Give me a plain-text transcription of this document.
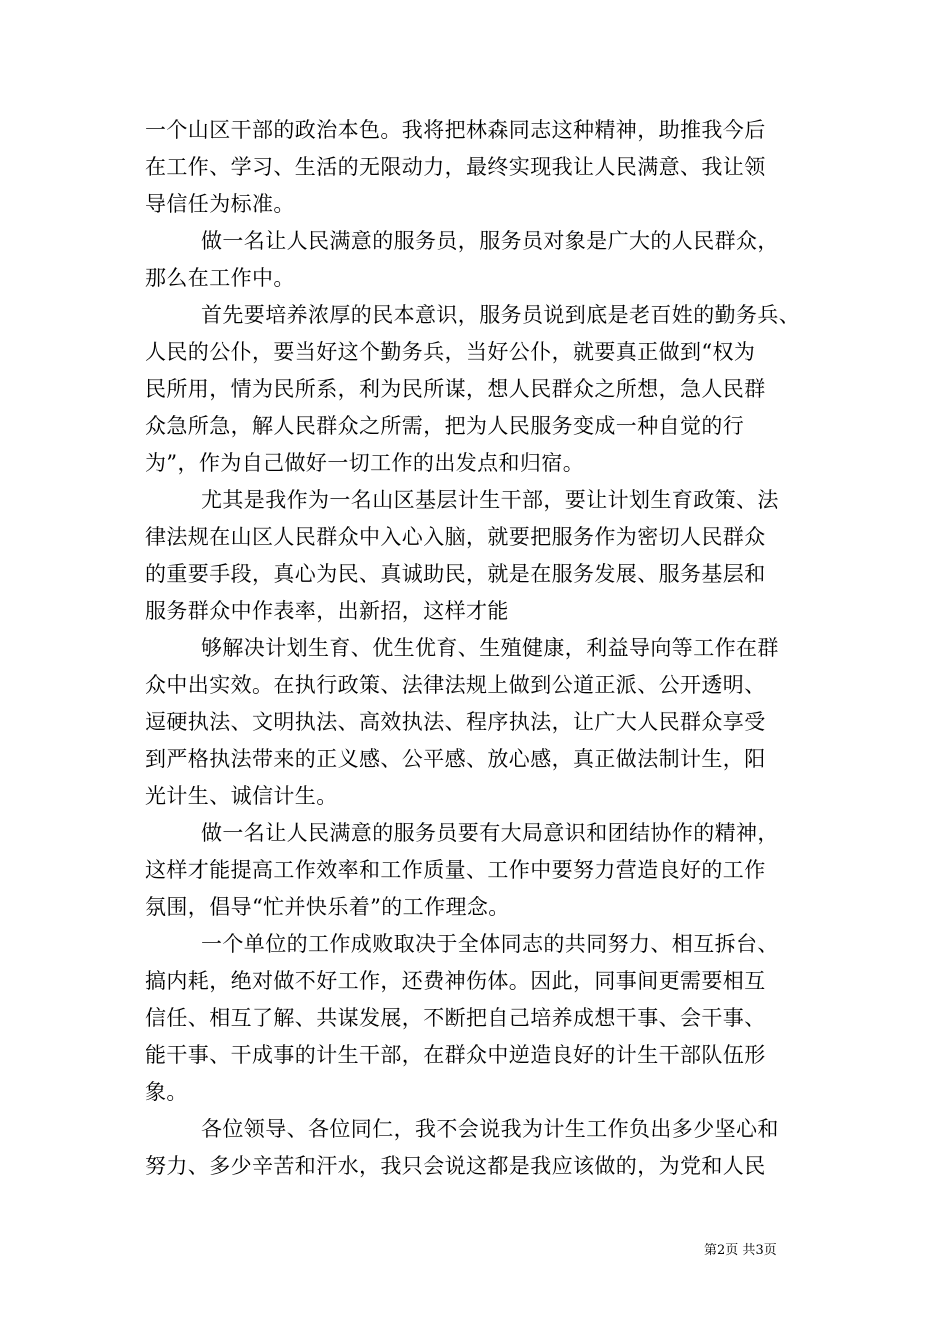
一个山区干部的政治本色。我将把林森同志这种精神，助推我今后
在工作、学习、生活的无限动力，最终实现我让人民满意、我让领
导信任为标准。
做一名让人民满意的服务员，服务员对象是广大的人民群众，
那么在工作中。
首先要培养浓厚的民本意识，服务员说到底是老百姓的勤务兵、
人民的公仆，要当好这个勤务兵，当好公仆，就要真正做到“权为
民所用，情为民所系，利为民所谋，想人民群众之所想，急人民群
众急所急，解人民群众之所需，把为人民服务变成一种自觉的行
为”，作为自己做好一切工作的出发点和归宿。
尤其是我作为一名山区基层计生干部，要让计划生育政策、法
律法规在山区人民群众中入心入脑，就要把服务作为密切人民群众
的重要手段，真心为民、真诚助民，就是在服务发展、服务基层和
服务群众中作表率，出新招，这样才能
够解决计划生育、优生优育、生殖健康，利益导向等工作在群
众中出实效。在执行政策、法律法规上做到公道正派、公开透明、
逗硬执法、文明执法、高效执法、程序执法，让广大人民群众享受
到严格执法带来的正义感、公平感、放心感，真正做法制计生，阳
光计生、诚信计生。
做一名让人民满意的服务员要有大局意识和团结协作的精神，
这样才能提高工作效率和工作质量、工作中要努力营造良好的工作
氛围，倡导“忙并快乐着”的工作理念。
一个单位的工作成败取决于全体同志的共同努力、相互拆台、
搞内耗，绝对做不好工作，还费神伤体。因此，同事间更需要相互
信任、相互了解、共谋发展，不断把自己培养成想干事、会干事、
能干事、干成事的计生干部，在群众中逆造良好的计生干部队伍形
象。
各位领导、各位同仁，我不会说我为计生工作负出多少坚心和
努力、多少辛苦和汗水，我只会说这都是我应该做的，为党和人民
第2页 共3页
